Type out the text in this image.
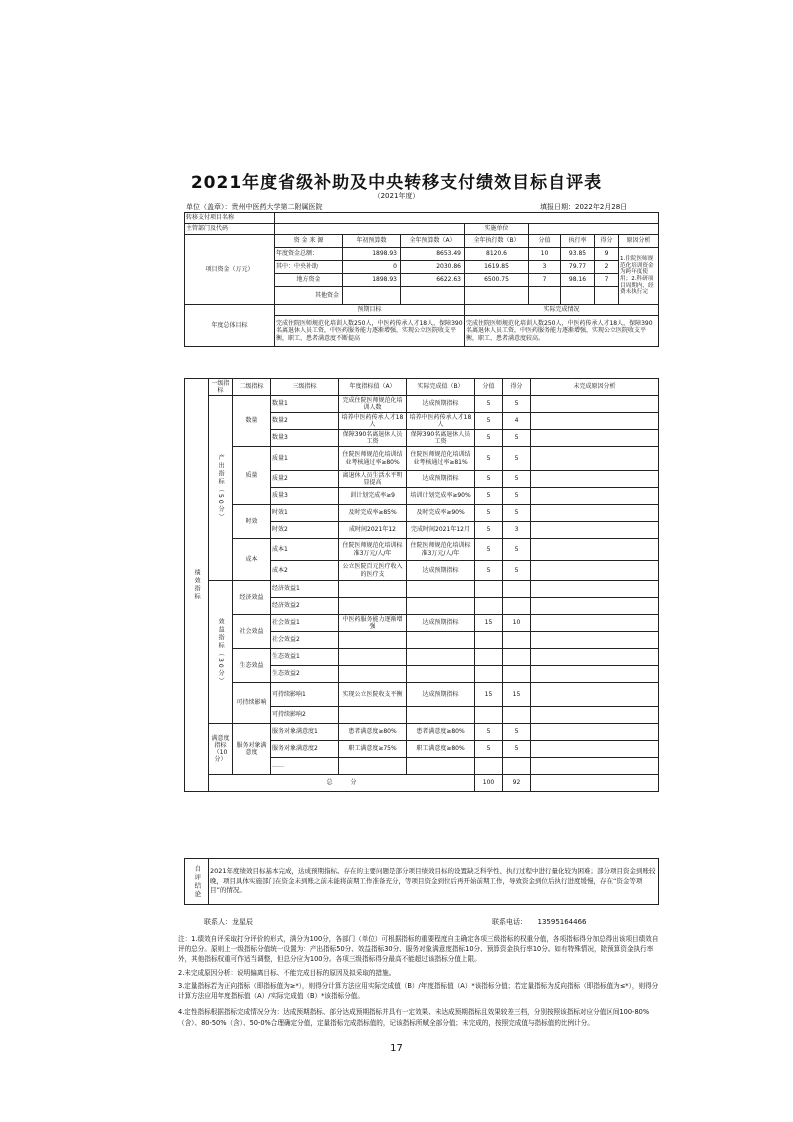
2021年度省级补助及中央转移支付绩效目标自评表
（2021年度）
单位（盖章）：贵州中医药大学第二附属医院	填报日期：2022年2月28日
转移支付项目名称								
主管部门及代码				实施单位				
项目资金（万元）	资 金 来 源	年初预算数	全年预算数（A）	全年执行数（B）	分值	执行率	得分	原因分析
	年度资金总额：	1898.93	8653.49	8120.6	10	93.85	9	1.住院医师规范化培训资金为跨年度使用；2.科研项目周期内，经费未执行完
	其中：中央补助	0	2030.86	1619.85	3	79.77	2	
	地方资金	1898.93	6622.63	6500.75	7	98.16	7	
	其他资金							
年度总体目标	预期目标			实际完成情况				
	完成住院医师规范化培训人数250人，中医药传承人才18人，保障390名离退休人员工资，中医药服务能力逐渐增强，实现公立医院收支平衡，职工、患者满意度不断提高			完成住院医师规范化培训人数250人，中医药传承人才18人，保障390名离退休人员工资，中医药服务能力逐渐增强，实现公立医院收支平衡，职工、患者满意度较高。				
绩效指标	一级指标	二级指标	三级指标	年度指标值（A）	实际完成值（B）	分值	得分	未完成原因分析
	产出指标（50分）	数量	数量1	完成住院医师规范化培训人数	达成预期指标	5	5	
			数量2	培养中医药传承人才18人	培养中医药传承人才18人	5	4	
			数量3	保障390名离退休人员工资	保障390名离退休人员工资	5	5	
		质量	质量1	住院医师规范化培训结业考核通过率≥80%	住院医师规范化培训结业考核通过率≥81%	5	5	
			质量2	离退休人员生活水平明显提高	达成预期指标	5	5	
			质量3	训计划完成率≥9	培训计划完成率≥90%	5	5	
		时效	时效1	及时完成率≥85%	及时完成率≥90%	5	5	
			时效2	成时间2021年12	完成时间2021年12月	5	3	
		成本	成本1	住院医师规范化培训标准3万元/人/年	住院医师规范化培训标准3万元/人/年	5	5	
			成本2	公立医院百元医疗收入的医疗支	达成预期指标	5	5	
	效益指标（30分）	经济效益	经济效益1					
			经济效益2					
		社会效益	社会效益1	中医药服务能力逐渐增强	达成预期指标	15	10	
			社会效益2					
		生态效益	生态效益1					
			生态效益2					
		可持续影响	可持续影响1	实现公立医院收支平衡	达成预期指标	15	15	
			可持续影响2					
	满意度指标（10分）	服务对象满意度	服务对象满意度1	患者满意度≥80%	患者满意度≥80%	5	5	
			服务对象满意度2	职工满意度≥75%	职工满意度≥80%	5	5	
			……					
	总　　　分					100	92	
自评结论	2021年度绩效目标基本完成，达成预期指标。存在的主要问题是部分项目绩效目标的设置缺乏科学性、执行过程中进行量化较为困难；部分项目资金到账较晚，项目具体实施部门在资金未到账之前未能将前期工作准备充分，等项目资金到位后再开始前期工作，导致资金到位后执行进度缓慢，存在“资金等项目”的情况。
联系人：龙星辰	联系电话：　　13595164466

注：1.绩效自评采取打分评价的形式，满分为100分，各部门（单位）可根据指标的重要程度自主确定各项三级指标的权重分值，各项指标得分加总得出该项目绩效自评的总分。原则上一级指标分值统一设置为：产出指标50分、效益指标30分、服务对象满意度指标10分、预算资金执行率10分。如有特殊情况，除预算资金执行率外，其他指标权重可作适当调整，但总分应为100分。各项三级指标得分最高不能超过该指标分值上限。

2.未完成原因分析：说明偏离目标、不能完成目标的原因及拟采取的措施。

3.定量指标若为正向指标（即指标值为≥*），则得分计算方法应用实际完成值（B）/年度指标值（A）*该指标分值；若定量指标为反向指标（即指标值为≤*），则得分计算方法应用年度指标值（A）/实际完成值（B）*该指标分值。

4.定性指标根据指标完成情况分为：达成预期指标、部分达成预期指标并具有一定效果、未达成预期指标且效果较差三档，分别按照该指标对应分值区间100-80%（含）、80-50%（含）、50-0%合理确定分值，定量指标完成指标值的，记该指标所赋全部分值；未完成的，按照完成值与指标值的比例计分。

17
